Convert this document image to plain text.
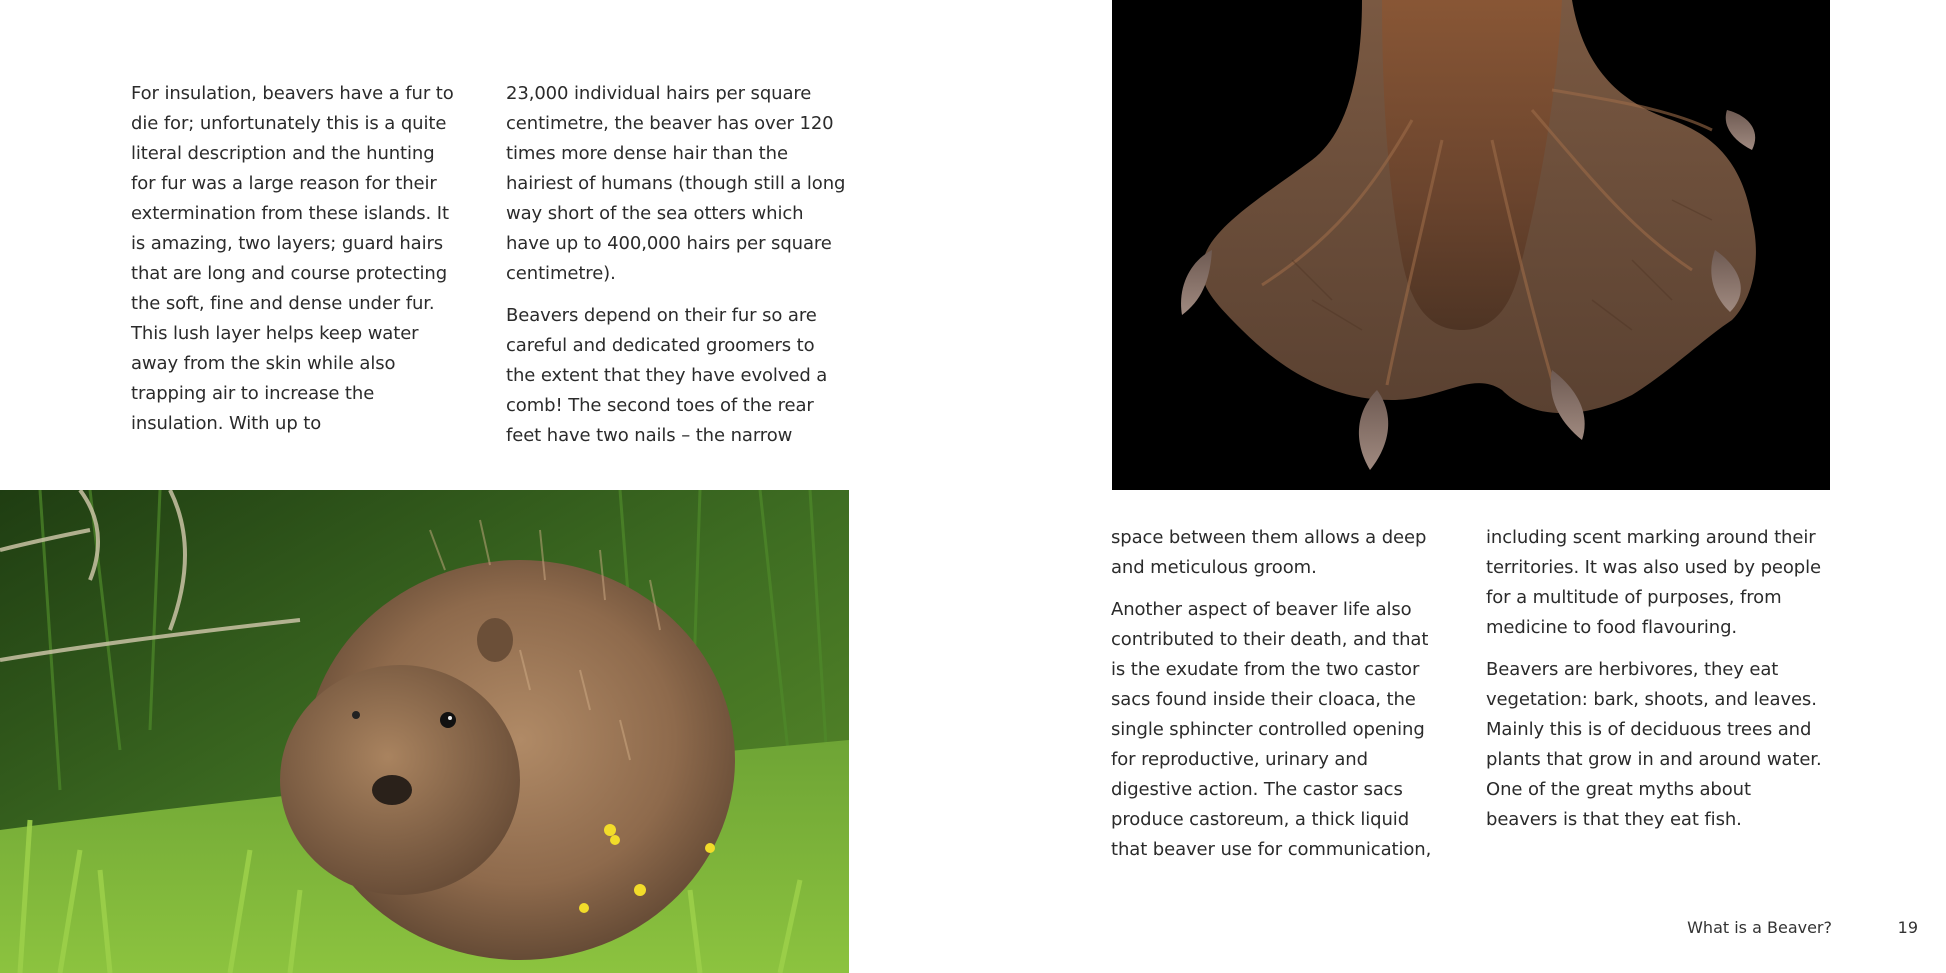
For insulation, beavers have a fur to die for; unfortunately this is a quite literal description and the hunting for fur was a large reason for their extermination from these islands. It is amazing, two layers; guard hairs that are long and course protecting the soft, fine and dense under fur. This lush layer helps keep water away from the skin while also trapping air to increase the insulation. With up to

23,000 individual hairs per square centimetre, the beaver has over 120 times more dense hair than the hairiest of humans (though still a long way short of the sea otters which have up to 400,000 hairs per square centimetre).

Beavers depend on their fur so are careful and dedicated groomers to the extent that they have evolved a comb! The second toes of the rear feet have two nails – the narrow

space between them allows a deep and meticulous groom.

Another aspect of beaver life also contributed to their death, and that is the exudate from the two castor sacs found inside their cloaca, the single sphincter controlled opening for reproductive, urinary and digestive action. The castor sacs produce castoreum, a thick liquid that beaver use for communication,

including scent marking around their territories. It was also used by people for a multitude of purposes, from medicine to food flavouring.

Beavers are herbivores, they eat vegetation: bark, shoots, and leaves. Mainly this is of deciduous trees and plants that grow in and around water. One of the great myths about beavers is that they eat fish.

What is a Beaver?	19
